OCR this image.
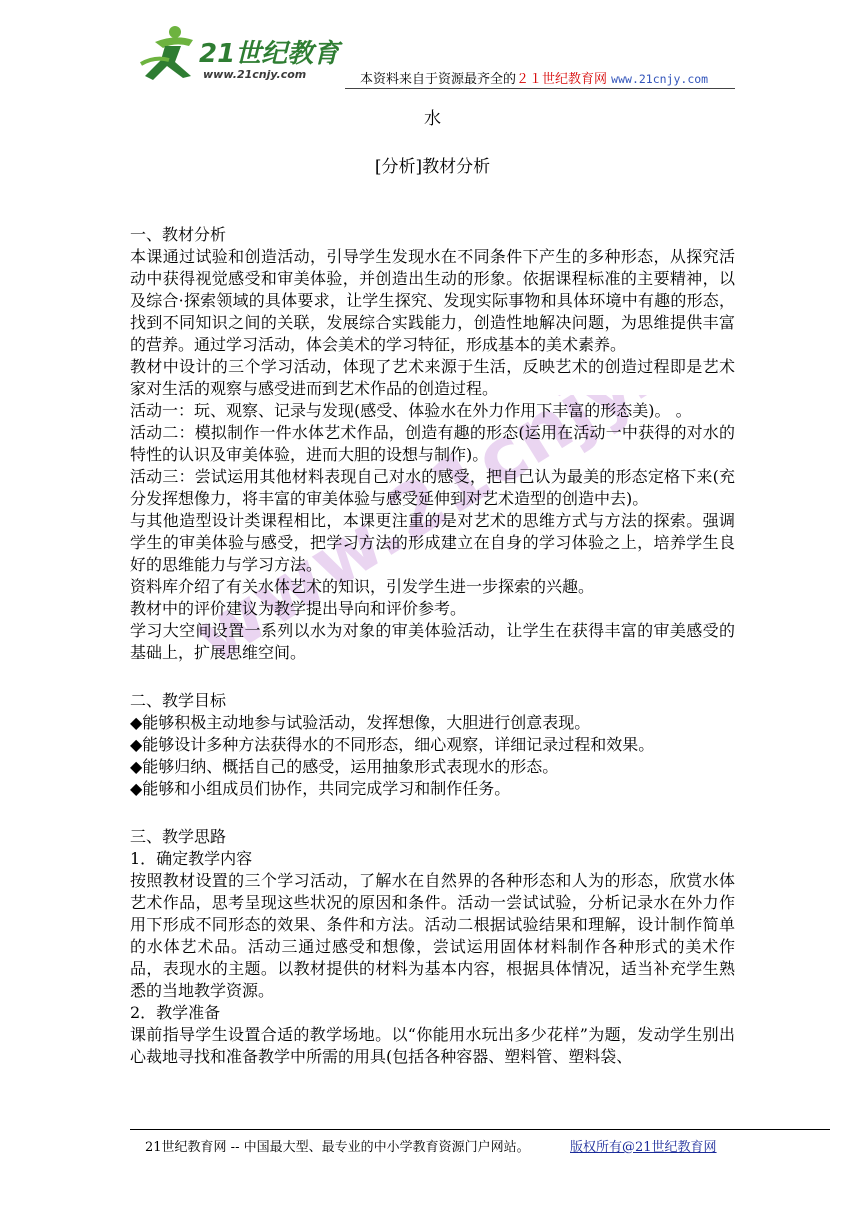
21世纪教育
www.21cnjy.com	本资料来自于资源最齐全的２１世纪教育网 www.21cnjy.com
www.21cnjy.com
水
[分析]教材分析

一、教材分析

本课通过试验和创造活动，引导学生发现水在不同条件下产生的多种形态，从探究活动中获得视觉感受和审美体验，并创造出生动的形象。依据课程标准的主要精神，以及综合·探索领域的具体要求，让学生探究、发现实际事物和具体环境中有趣的形态，找到不同知识之间的关联，发展综合实践能力，创造性地解决问题，为思维提供丰富的营养。通过学习活动，体会美术的学习特征，形成基本的美术素养。

教材中设计的三个学习活动，体现了艺术来源于生活，反映艺术的创造过程即是艺术家对生活的观察与感受进而到艺术作品的创造过程。

活动一：玩、观察、记录与发现(感受、体验水在外力作用下丰富的形态美)。 。

活动二：模拟制作一件水体艺术作品，创造有趣的形态(运用在活动一中获得的对水的特性的认识及审美体验，进而大胆的设想与制作)。

活动三：尝试运用其他材料表现自己对水的感受，把自己认为最美的形态定格下来(充分发挥想像力，将丰富的审美体验与感受延伸到对艺术造型的创造中去)。

与其他造型设计类课程相比，本课更注重的是对艺术的思维方式与方法的探索。强调学生的审美体验与感受，把学习方法的形成建立在自身的学习体验之上，培养学生良好的思维能力与学习方法。

资料库介绍了有关水体艺术的知识，引发学生进一步探索的兴趣。

教材中的评价建议为教学提出导向和评价参考。

学习大空间设置一系列以水为对象的审美体验活动，让学生在获得丰富的审美感受的基础上，扩展思维空间。

二、教学目标

◆能够积极主动地参与试验活动，发挥想像，大胆进行创意表现。

◆能够设计多种方法获得水的不同形态，细心观察，详细记录过程和效果。

◆能够归纳、概括自己的感受，运用抽象形式表现水的形态。

◆能够和小组成员们协作，共同完成学习和制作任务。

三、教学思路

1．确定教学内容

按照教材设置的三个学习活动，了解水在自然界的各种形态和人为的形态，欣赏水体艺术作品，思考呈现这些状况的原因和条件。活动一尝试试验，分析记录水在外力作用下形成不同形态的效果、条件和方法。活动二根据试验结果和理解，设计制作简单的水体艺术品。活动三通过感受和想像，尝试运用固体材料制作各种形式的美术作品，表现水的主题。以教材提供的材料为基本内容，根据具体情况，适当补充学生熟悉的当地教学资源。

2．教学准备

课前指导学生设置合适的教学场地。以“你能用水玩出多少花样”为题，发动学生别出心裁地寻找和准备教学中所需的用具(包括各种容器、塑料管、塑料袋、

21世纪教育网 -- 中国最大型、最专业的中小学教育资源门户网站。	版权所有@21世纪教育网
